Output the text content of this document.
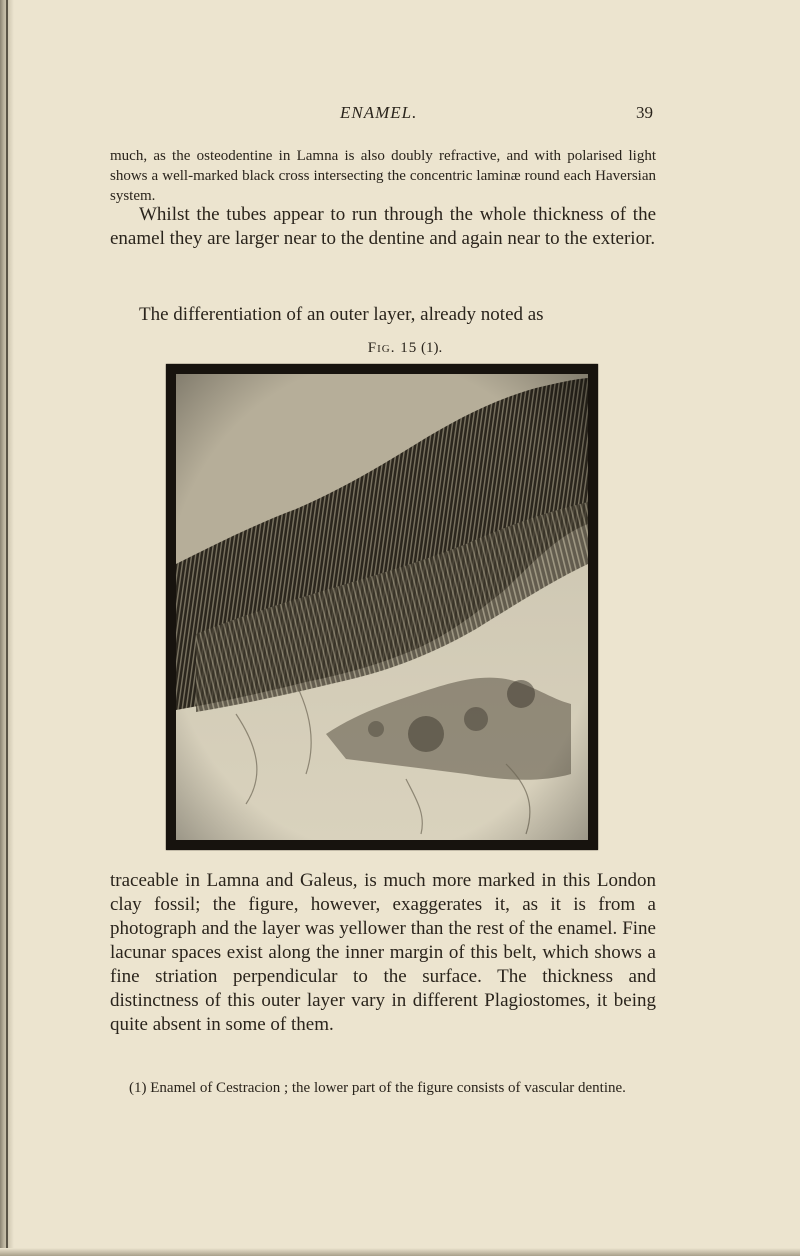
ENAMEL.	39

much, as the osteodentine in Lamna is also doubly refractive, and with polarised light shows a well-marked black cross intersecting the concentric laminæ round each Haversian system.

Whilst the tubes appear to run through the whole thickness of the enamel they are larger near to the dentine and again near to the exterior.

The differentiation of an outer layer, already noted as

Fig. 15 (1).

traceable in Lamna and Galeus, is much more marked in this London clay fossil; the figure, however, exaggerates it, as it is from a photograph and the layer was yellower than the rest of the enamel. Fine lacunar spaces exist along the inner margin of this belt, which shows a fine striation perpendicular to the surface. The thickness and distinctness of this outer layer vary in different Plagiostomes, it being quite absent in some of them.

(1) Enamel of Cestracion ; the lower part of the figure consists of vascular dentine.
